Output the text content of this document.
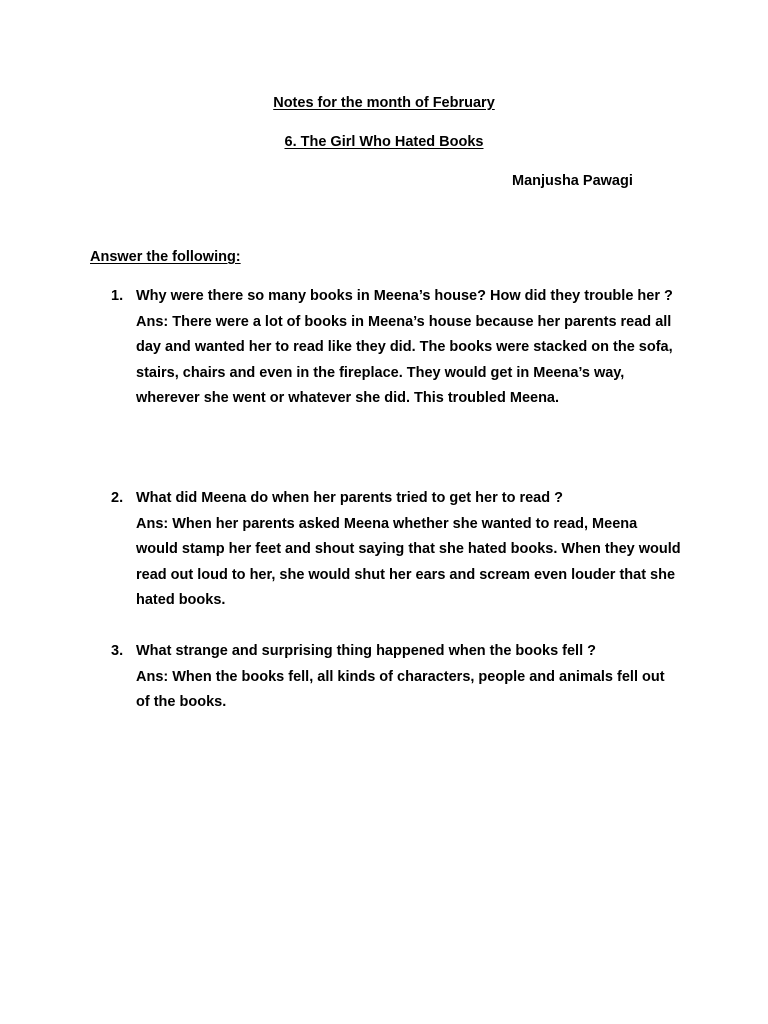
Notes for the month of February
6. The Girl Who Hated Books
Manjusha Pawagi
Answer the following:
1. Why were there so many books in Meena’s house? How did they trouble her ?
Ans: There were a lot of books in Meena’s house because her parents read all day and wanted her to read like they did. The books were stacked on the sofa, stairs, chairs and even in the fireplace. They would get in Meena’s way, wherever she went or whatever she did. This troubled Meena.
2. What did Meena do when her parents tried to get her to read ?
Ans: When her parents asked Meena whether she wanted to read, Meena would stamp her feet and shout saying that she hated books. When they would read out loud to her, she would shut her ears and scream even louder that she hated books.
3. What strange and surprising thing happened when the books fell ?
Ans: When the books fell, all kinds of characters, people and animals fell out of the books.
